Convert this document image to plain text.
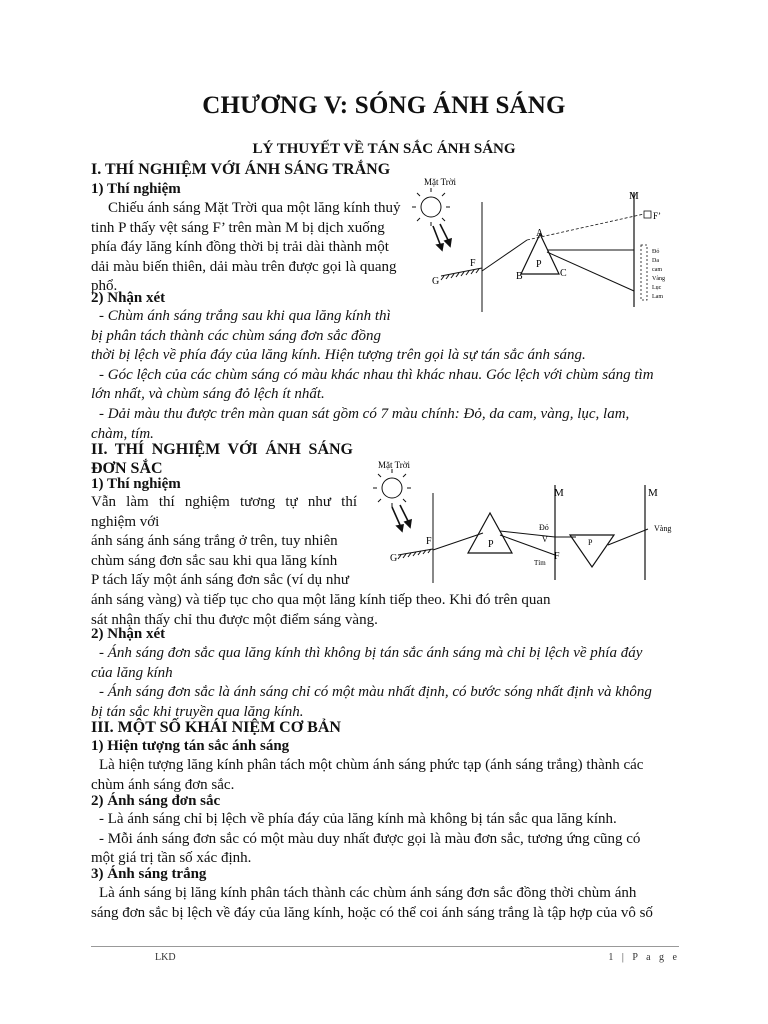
CHƯƠNG V: SÓNG ÁNH SÁNG
LÝ THUYẾT VỀ TÁN SẮC ÁNH SÁNG
I. THÍ NGHIỆM VỚI ÁNH SÁNG TRẮNG
1) Thí nghiệm
Chiếu ánh sáng Mặt Trời qua một lăng kính thuỷ
tinh P thấy vệt sáng F’ trên màn M bị dịch xuống
phía đáy lăng kính đồng thời bị trải dài thành một
dải màu biến thiên, dải màu trên được gọi là quang
phổ.
2) Nhận xét
- Chùm ánh sáng trắng sau khi qua lăng kính thì
bị phân tách thành các chùm sáng đơn sắc đồng
thời bị lệch về phía đáy của lăng kính. Hiện tượng trên gọi là sự tán sắc ánh sáng.
- Góc lệch của các chùm sáng có màu khác nhau thì khác nhau. Góc lệch với chùm sáng tìm
lớn nhất, và chùm sáng đỏ lệch ít nhất.
- Dải màu thu được trên màn quan sát gồm có 7 màu chính: Đỏ, da cam, vàng, lục, lam,
chàm, tím.
Mặt Trời
G
F
A
P
B	C
M
F’
Đỏ
Da
cam
Vàng
Lục
Lam
II. THÍ NGHIỆM VỚI ÁNH SÁNG
ĐƠN SẮC
1) Thí nghiệm
Vẫn làm thí nghiệm tương tự như thí
nghiệm với
ánh sáng ánh sáng trắng ở trên, tuy nhiên
chùm sáng đơn sắc sau khi qua lăng kính
P tách lấy một ánh sáng đơn sắc (ví dụ như
ánh sáng vàng) và tiếp tục cho qua một lăng kính tiếp theo. Khi đó trên quan
sát nhận thấy chỉ thu được một điểm sáng vàng.
Mặt Trời
G
F	P
M
Đỏ
V
Tím
F
P
M
Vàng
2) Nhận xét
- Ánh sáng đơn sắc qua lăng kính thì không bị tán sắc ánh sáng mà chỉ bị lệch về phía đáy
của lăng kính
- Ánh sáng đơn sắc là ánh sáng chỉ có một màu nhất định, có bước sóng nhất định và không
bị tán sắc khi truyền qua lăng kính.
III. MỘT SỐ KHÁI NIỆM CƠ BẢN
1) Hiện tượng tán sắc ánh sáng
Là hiện tượng lăng kính phân tách một chùm ánh sáng phức tạp (ánh sáng trắng) thành các
chùm ánh sáng đơn sắc.
2) Ánh sáng đơn sắc
- Là ánh sáng chỉ bị lệch về phía đáy của lăng kính mà không bị tán sắc qua lăng kính.
- Mỗi ánh sáng đơn sắc có một màu duy nhất được gọi là màu đơn sắc, tương ứng cũng có
một giá trị tần số xác định.
3) Ánh sáng trắng
Là ánh sáng bị lăng kính phân tách thành các chùm ánh sáng đơn sắc đồng thời chùm ánh
sáng đơn sắc bị lệch về đáy của lăng kính, hoặc có thể coi ánh sáng trắng là tập hợp của vô số
LKD	1 | P a g e
